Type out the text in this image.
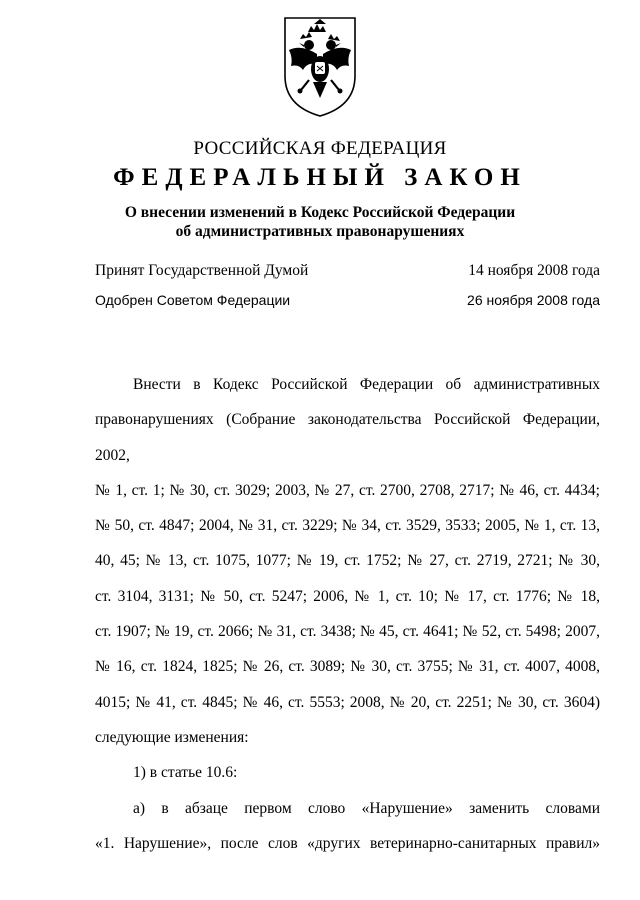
РОССИЙСКАЯ ФЕДЕРАЦИЯ
ФЕДЕРАЛЬНЫЙ ЗАКОН
О внесении изменений в Кодекс Российской Федерации
об административных правонарушениях
Принят Государственной Думой	14 ноября 2008 года
Одобрен Советом Федерации	26 ноября 2008 года

Внести в Кодекс Российской Федерации об административных

правонарушениях (Собрание законодательства Российской Федерации, 2002,

№ 1, ст. 1; № 30, ст. 3029; 2003, № 27, ст. 2700, 2708, 2717; № 46, ст. 4434;

№ 50, ст. 4847; 2004, № 31, ст. 3229; № 34, ст. 3529, 3533; 2005, № 1, ст. 13,

40, 45; № 13, ст. 1075, 1077; № 19, ст. 1752; № 27, ст. 2719, 2721; № 30,

ст. 3104, 3131; № 50, ст. 5247; 2006, № 1, ст. 10; № 17, ст. 1776; № 18,

ст. 1907; № 19, ст. 2066; № 31, ст. 3438; № 45, ст. 4641; № 52, ст. 5498; 2007,

№ 16, ст. 1824, 1825; № 26, ст. 3089; № 30, ст. 3755; № 31, ст. 4007, 4008,

4015; № 41, ст. 4845; № 46, ст. 5553; 2008, № 20, ст. 2251; № 30, ст. 3604)

следующие изменения:

1) в статье 10.6:

а) в абзаце первом слово «Нарушение» заменить словами

«1. Нарушение», после слов «других ветеринарно-санитарных правил»
